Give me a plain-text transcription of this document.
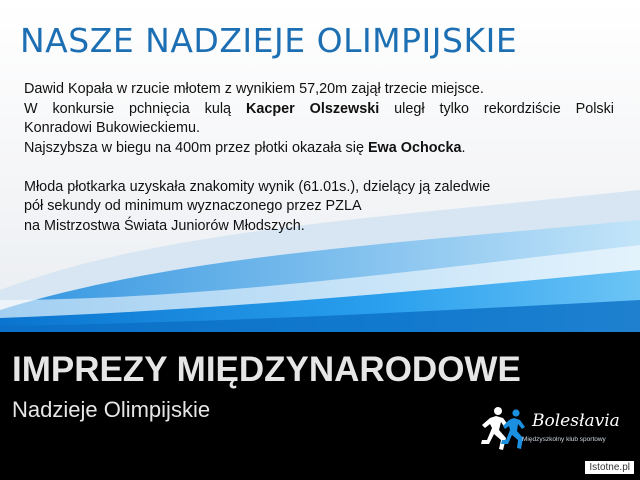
NASZE NADZIEJE OLIMPIJSKIE

Dawid Kopała w rzucie młotem z wynikiem 57,20m zajął trzecie miejsce.

W konkursie pchnięcia kulą Kacper Olszewski uległ tylko rekordziście Polski

Konradowi Bukowieckiemu.

Najszybsza w biegu na 400m przez płotki okazała się Ewa Ochocka.

Młoda płotkarka uzyskała znakomity wynik (61.01s.), dzielący ją zaledwie

pół sekundy od minimum wyznaczonego przez PZLA

na Mistrzostwa Świata Juniorów Młodszych.

IMPREZY MIĘDZYNARODOWE
Nadzieje Olimpijskie	Bolesłavia
Międzyszkolny klub sportowy
Istotne.pl
